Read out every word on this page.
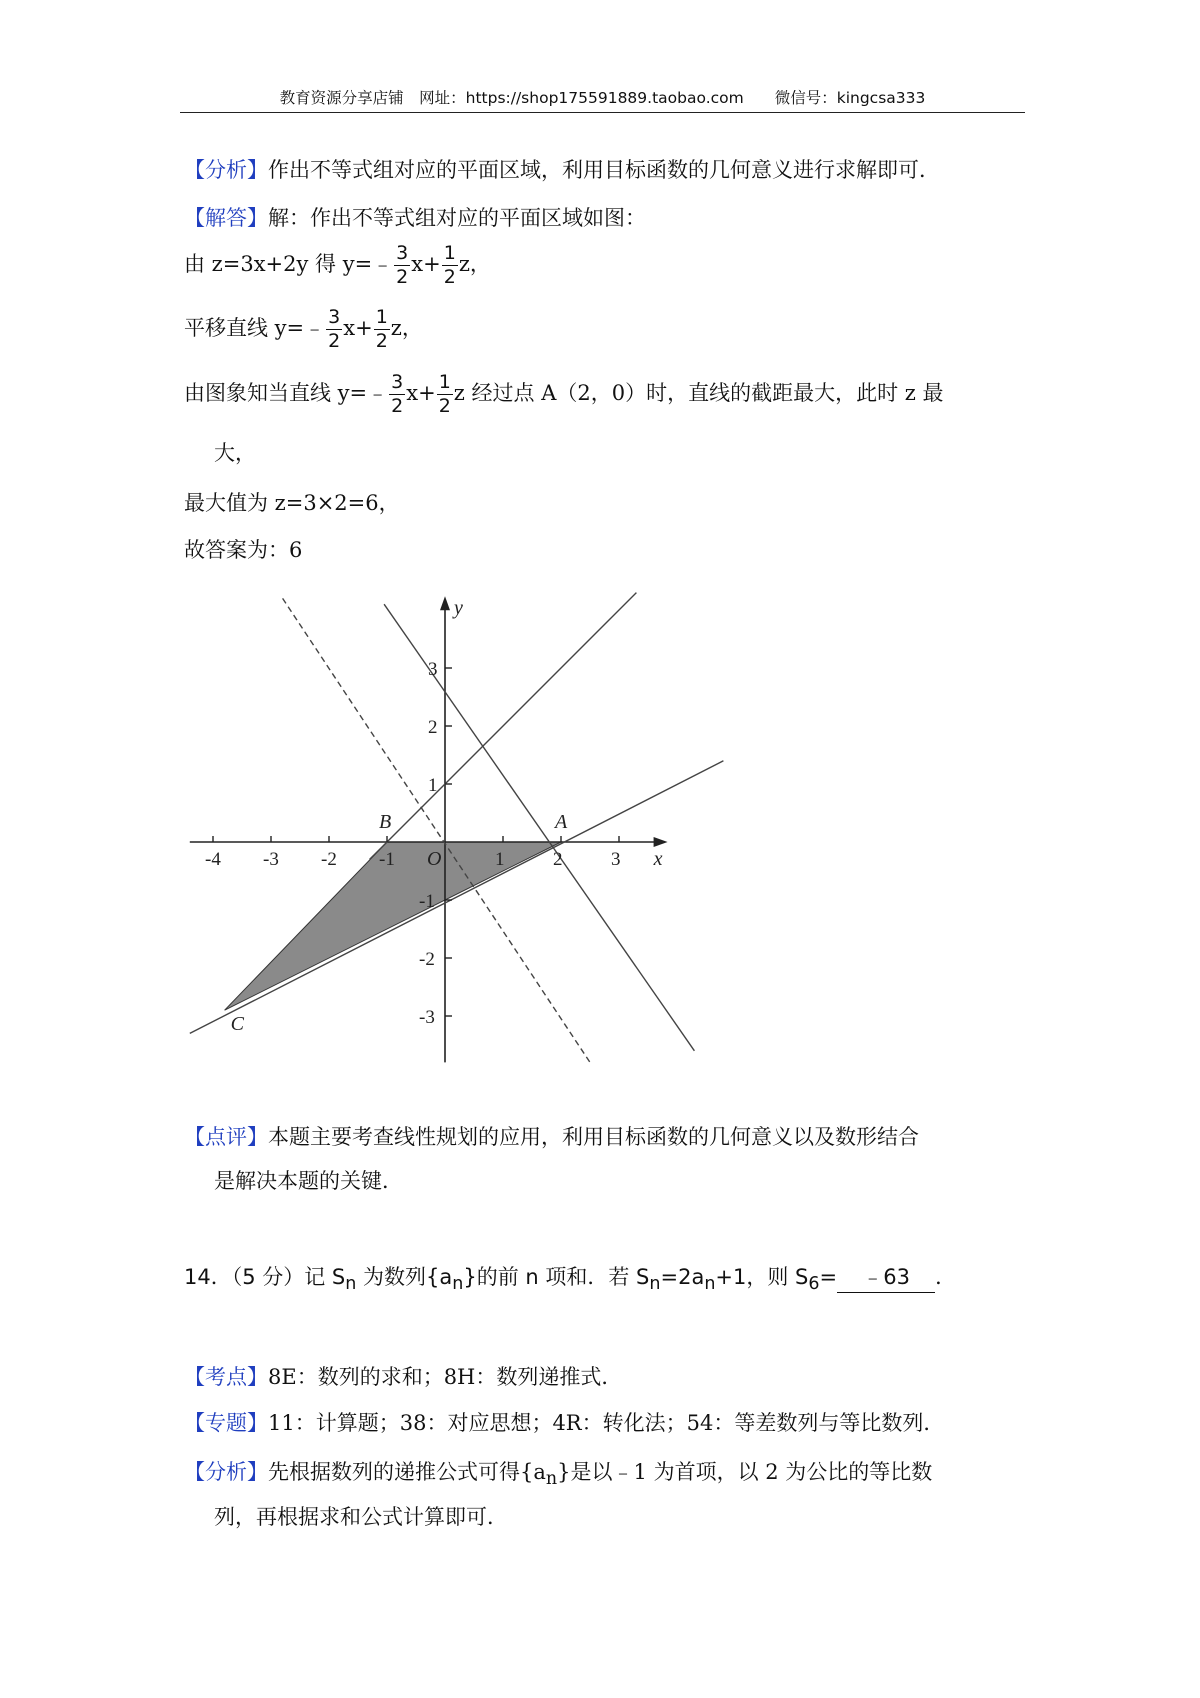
教育资源分享店铺　网址：https://shop175591889.taobao.com　　微信号：kingcsa333
【分析】作出不等式组对应的平面区域，利用目标函数的几何意义进行求解即可．
【解答】解：作出不等式组对应的平面区域如图：
由 z=3x+2y 得 y=﹣ $\frac{3}{2} x+ \frac{1}{2}$ z，
平移直线 y=﹣ $\frac{3}{2} x+ \frac{1}{2}$ z，
由图象知当直线 y=﹣ $\frac{3}{2} x+ \frac{1}{2}$ z 经过点 A（2，0）时，直线的截距最大，此时 z 最
大，
最大值为 z=3×2=6，
故答案为：6
-4 -3 -2 -1	1	2	3
3
2
1
-1
-2
-3
x
y
O
A
B
C
【点评】本题主要考查线性规划的应用，利用目标函数的几何意义以及数形结合
是解决本题的关键．
14．（5 分）记 $S_n$ 为数列$\{a_n\}$的前 n 项和．若 $S_n=2a_n+1$，则 $S_6=$ ﹣63 ．
【考点】8E：数列的求和；8H：数列递推式．
【专题】11：计算题；38：对应思想；4R：转化法；54：等差数列与等比数列．
【分析】先根据数列的递推公式可得$\{a_n\}$是以﹣1 为首项，以 2 为公比的等比数
列，再根据求和公式计算即可．
